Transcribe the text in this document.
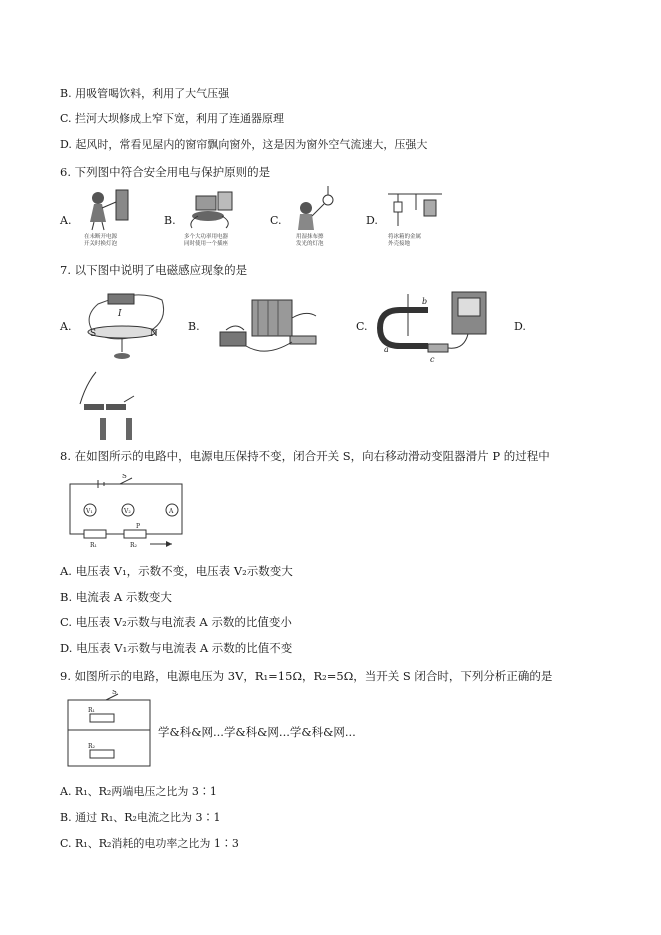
B. 用吸管喝饮料，利用了大气压强
C. 拦河大坝修成上窄下宽，利用了连通器原理
D. 起风时，常看见屋内的窗帘飘向窗外，这是因为窗外空气流速大，压强大
6. 下列图中符合安全用电与保护原则的是
A.	B.	C.	D.
在未断开电源
开关时换灯泡
多个大功率用电器
同时使用一个插座
用湿抹布擦
发光的灯泡
将冰箱的金属
外壳接地
7. 以下图中说明了电磁感应现象的是
A.	B.	C.	D.
I
S	N
b
a
c
8. 在如图所示的电路中，电源电压保持不变，闭合开关 S，向右移动滑动变阻器滑片 P 的过程中
S
V₁	V₂	A
P
R₁	R₂
A. 电压表 V₁，示数不变，电压表 V₂示数变大
B. 电流表 A 示数变大
C. 电压表 V₂示数与电流表 A 示数的比值变小
D. 电压表 V₁示数与电流表 A 示数的比值不变
9. 如图所示的电路，电源电压为 3V，R₁=15Ω，R₂=5Ω，当开关 S 闭合时，下列分析正确的是
S
R₁
R₂
学&科&网...学&科&网...学&科&网...
A. R₁、R₂两端电压之比为 3∶1
B. 通过 R₁、R₂电流之比为 3∶1
C. R₁、R₂消耗的电功率之比为 1∶3
